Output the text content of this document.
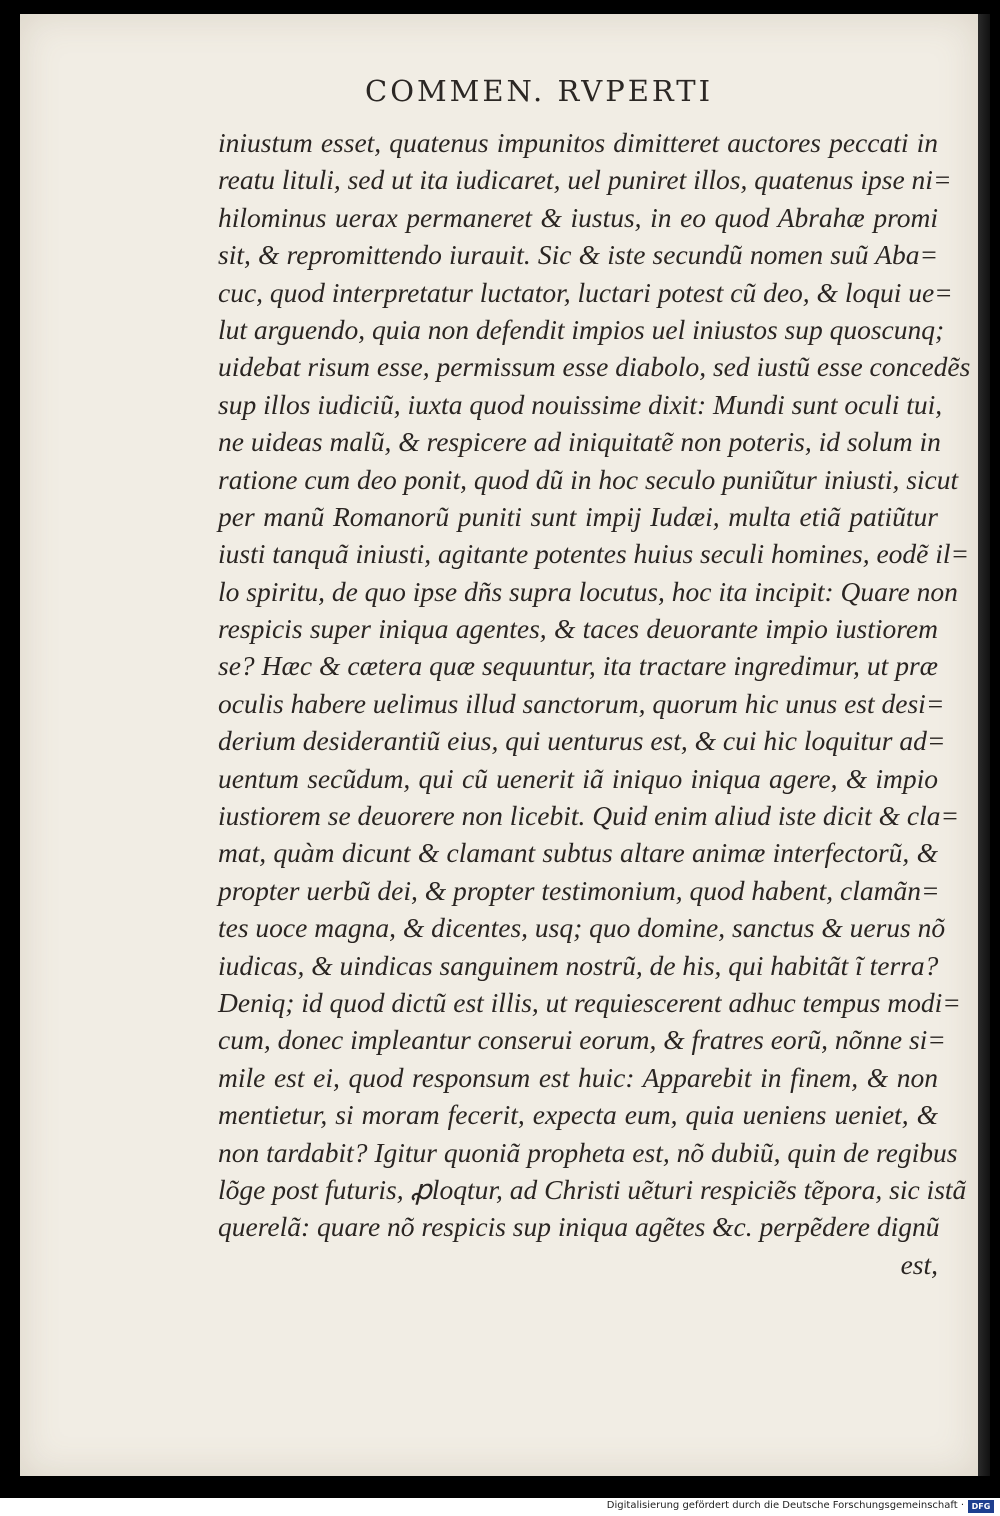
COMMEN. RVPERTI
iniustum esset, quatenus impunitos dimitteret auctores peccati in
reatu lituli, sed ut ita iudicaret, uel puniret illos, quatenus ipse ni=
hilominus uerax permaneret & iustus, in eo quod Abrahæ promi
sit, & repromittendo iurauit. Sic & iste secundũ nomen suũ Aba=
cuc, quod interpretatur luctator, luctari potest cũ deo, & loqui ue=
lut arguendo, quia non defendit impios uel iniustos sup quoscunq;
uidebat risum esse, permissum esse diabolo, sed iustũ esse concedẽs
sup illos iudiciũ, iuxta quod nouissime dixit: Mundi sunt oculi tui,
ne uideas malũ, & respicere ad iniquitatẽ non poteris, id solum in
ratione cum deo ponit, quod dũ in hoc seculo puniũtur iniusti, sicut
per manũ Romanorũ puniti sunt impij Iudæi, multa etiã patiũtur
iusti tanquã iniusti, agitante potentes huius seculi homines, eodẽ il=
lo spiritu, de quo ipse dñs supra locutus, hoc ita incipit: Quare non
respicis super iniqua agentes, & taces deuorante impio iustiorem
se? Hæc & cætera quæ sequuntur, ita tractare ingredimur, ut præ
oculis habere uelimus illud sanctorum, quorum hic unus est desi=
derium desiderantiũ eius, qui uenturus est, & cui hic loquitur ad=
uentum secũdum, qui cũ uenerit iã iniquo iniqua agere, & impio
iustiorem se deuorere non licebit. Quid enim aliud iste dicit & cla=
mat, quàm dicunt & clamant subtus altare animæ interfectorũ, &
propter uerbũ dei, & propter testimonium, quod habent, clamãn=
tes uoce magna, & dicentes, usq; quo domine, sanctus & uerus nõ
iudicas, & uindicas sanguinem nostrũ, de his, qui habitãt ĩ terra?
Deniq; id quod dictũ est illis, ut requiescerent adhuc tempus modi=
cum, donec impleantur conserui eorum, & fratres eorũ, nõnne si=
mile est ei, quod responsum est huic: Apparebit in finem, & non
mentietur, si moram fecerit, expecta eum, quia ueniens ueniet, &
non tardabit? Igitur quoniã propheta est, nõ dubiũ, quin de regibus
lõge post futuris, ꝓloqtur, ad Christi uẽturi respiciẽs tẽpora, sic istã
querelã: quare nõ respicis sup iniqua agẽtes &c. perpẽdere dignũ
est,
Digitalisierung gefördert durch die Deutsche Forschungsgemeinschaft · DFG
